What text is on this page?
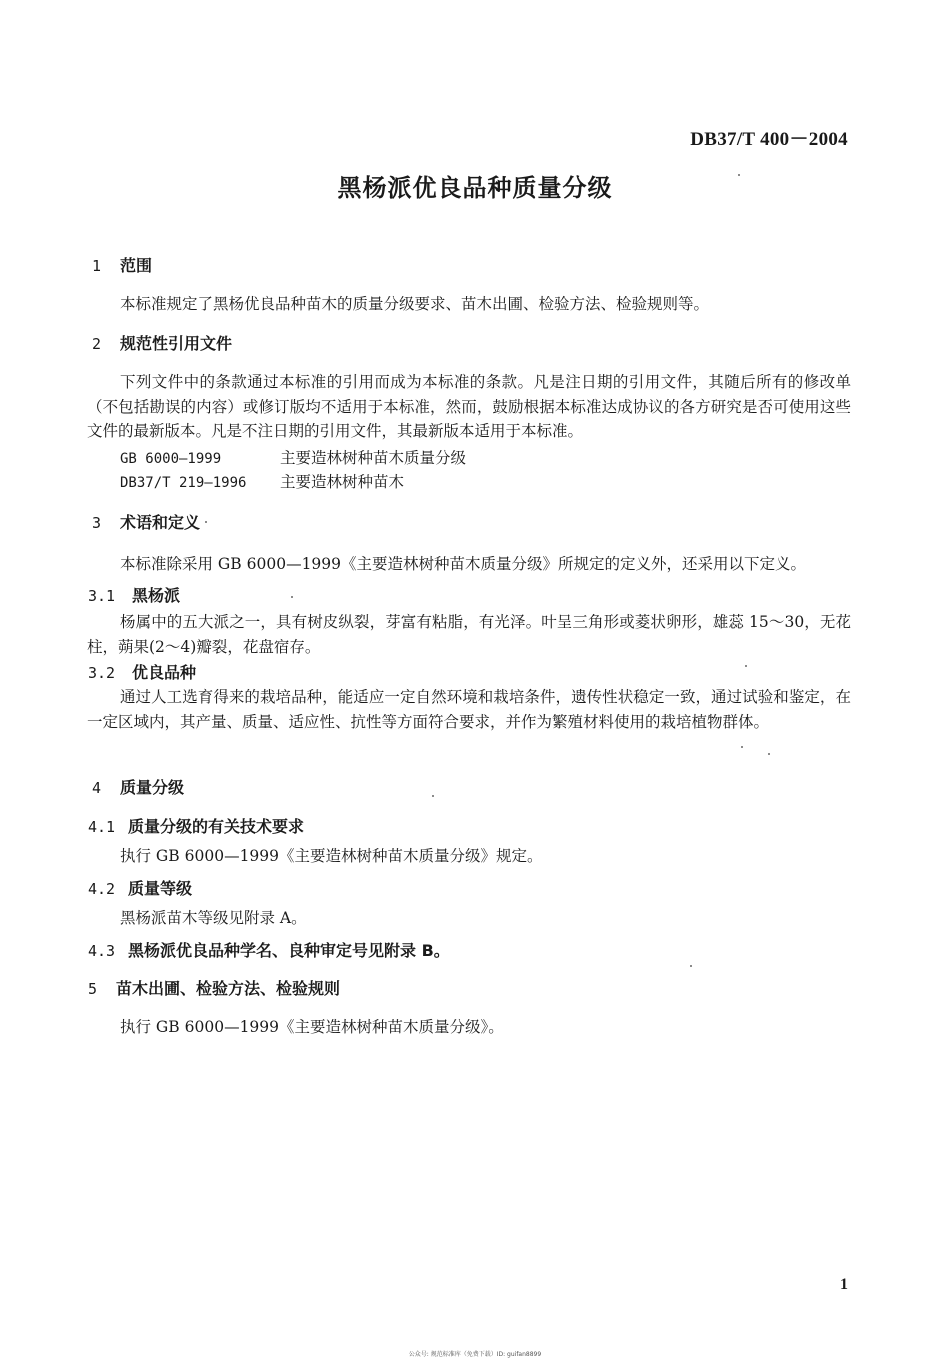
DB37/T 400－2004
黑杨派优良品种质量分级
1 范围
本标准规定了黑杨优良品种苗木的质量分级要求、苗木出圃、检验方法、检验规则等。
2 规范性引用文件
下列文件中的条款通过本标准的引用而成为本标准的条款。凡是注日期的引用文件，其随后所有的修改单（不包括勘误的内容）或修订版均不适用于本标准，然而，鼓励根据本标准达成协议的各方研究是否可使用这些文件的最新版本。凡是不注日期的引用文件，其最新版本适用于本标准。
GB 6000—1999	主要造林树种苗木质量分级
DB37/T 219—1996 主要造林树种苗木
3 术语和定义
本标准除采用 GB 6000—1999《主要造林树种苗木质量分级》所规定的定义外，还采用以下定义。
3.1 黑杨派
杨属中的五大派之一，具有树皮纵裂，芽富有粘脂，有光泽。叶呈三角形或菱状卵形，雄蕊 15～30，无花柱，蒴果(2～4)瓣裂，花盘宿存。
3.2 优良品种
通过人工选育得来的栽培品种，能适应一定自然环境和栽培条件，遗传性状稳定一致，通过试验和鉴定，在一定区域内，其产量、质量、适应性、抗性等方面符合要求，并作为繁殖材料使用的栽培植物群体。
4 质量分级
4.1 质量分级的有关技术要求
执行 GB 6000—1999《主要造林树种苗木质量分级》规定。
4.2 质量等级
黑杨派苗木等级见附录 A。
4.3 黑杨派优良品种学名、良种审定号见附录 B。
5 苗木出圃、检验方法、检验规则
执行 GB 6000—1999《主要造林树种苗木质量分级》。
1
公众号: 规范标准库（免费下载）ID: guifan8899
